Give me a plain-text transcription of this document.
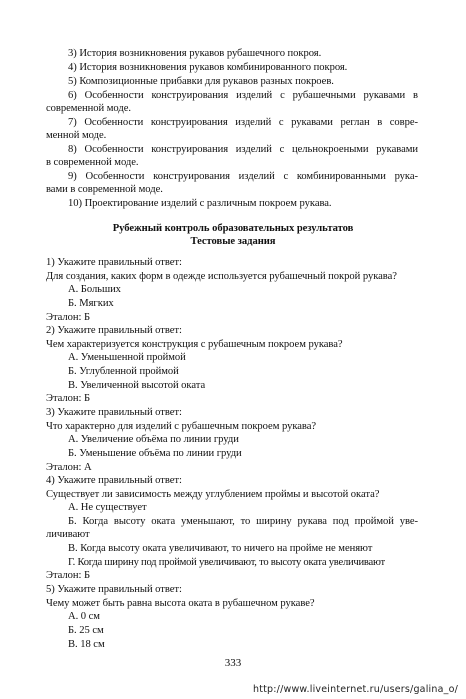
3) История возникновения рукавов рубашечного покроя.
4) История возникновения рукавов комбинированного покроя.
5) Композиционные прибавки для рукавов разных покроев.
6) Особенности конструирования изделий с рубашечными рукавами в
современной моде.
7) Особенности конструирования изделий с рукавами реглан в совре-
менной моде.
8) Особенности конструирования изделий с цельнокроеными рукавами
в современной моде.
9) Особенности конструирования изделий с комбинированными рука-
вами в современной моде.
10) Проектирование изделий с различным покроем рукава.
Рубежный контроль образовательных результатов
Тестовые задания
1) Укажите правильный ответ:
Для создания, каких форм в одежде используется рубашечный покрой рукава?
А. Больших
Б. Мягких
Эталон: Б
2) Укажите правильный ответ:
Чем характеризуется конструкция с рубашечным покроем рукава?
А. Уменьшенной проймой
Б. Углубленной проймой
В. Увеличенной высотой оката
Эталон: Б
3) Укажите правильный ответ:
Что характерно для изделий с рубашечным покроем рукава?
А. Увеличение объёма по линии груди
Б. Уменьшение объёма по линии груди
Эталон: А
4) Укажите правильный ответ:
Существует ли зависимость между углублением проймы и высотой оката?
А. Не существует
Б. Когда высоту оката уменьшают, то ширину рукава под проймой уве-
личивают
В. Когда высоту оката увеличивают, то ничего на пройме не меняют
Г. Когда ширину под проймой увеличивают, то высоту оката увеличивают
Эталон: Б
5) Укажите правильный ответ:
Чему может быть равна высота оката в рубашечном рукаве?
А. 0 см
Б. 25 см
В. 18 см
333
http://www.liveinternet.ru/users/galina_o/
